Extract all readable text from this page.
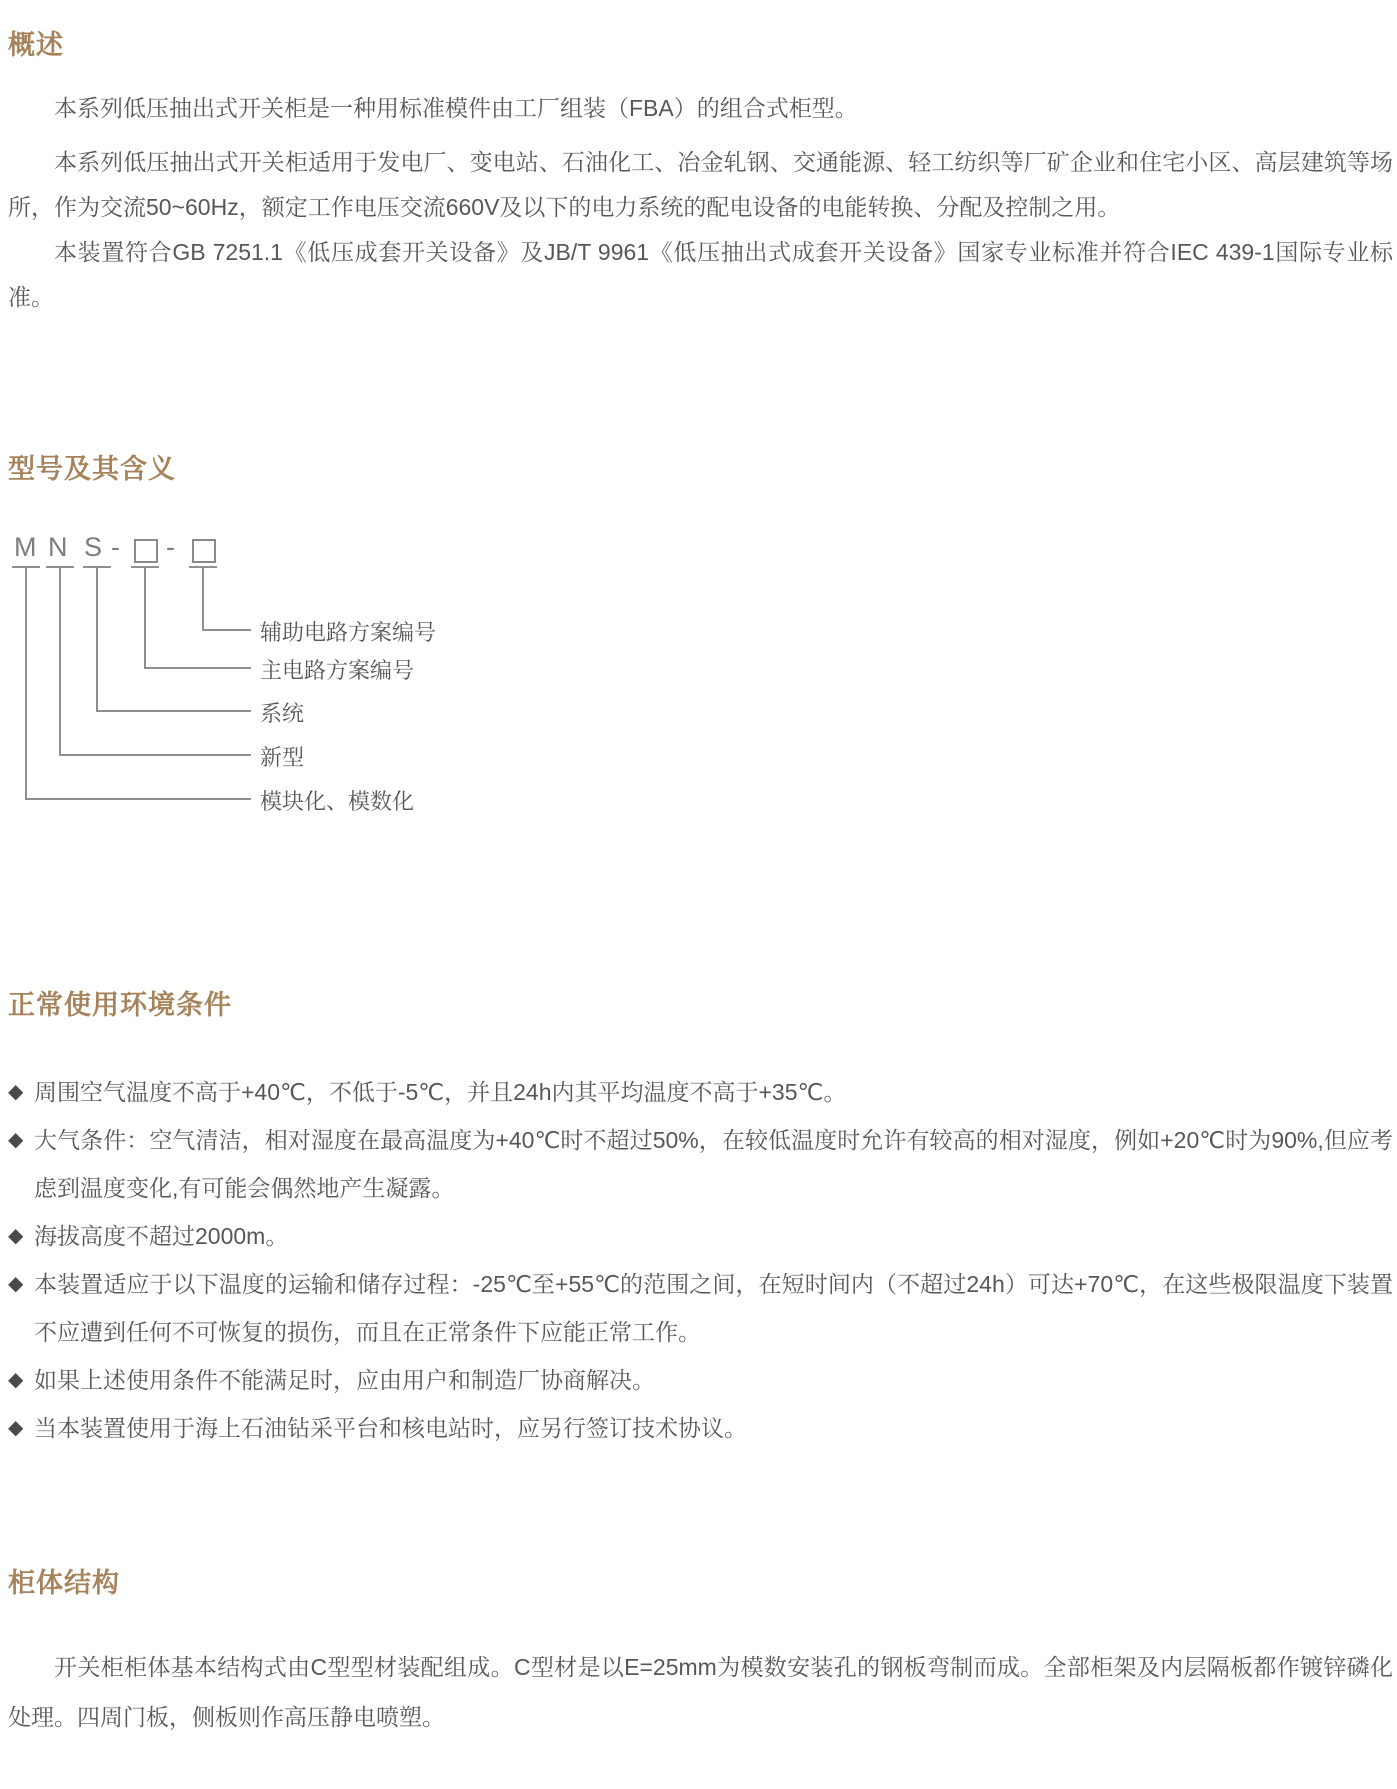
概述

本系列低压抽出式开关柜是一种用标准模件由工厂组装（FBA）的组合式柜型。

本系列低压抽出式开关柜适用于发电厂、变电站、石油化工、冶金轧钢、交通能源、轻工纺织等厂矿企业和住宅小区、高层建筑等场所，作为交流50~60Hz，额定工作电压交流660V及以下的电力系统的配电设备的电能转换、分配及控制之用。

本装置符合GB 7251.1《低压成套开关设备》及JB/T 9961《低压抽出式成套开关设备》国家专业标准并符合IEC 439-1国际专业标准。

型号及其含义
M N S - -
辅助电路方案编号
主电路方案编号
系统
新型
模块化、模数化
正常使用环境条件
◆ 周围空气温度不高于+40℃，不低于-5℃，并且24h内其平均温度不高于+35℃。
◆ 大气条件：空气清洁，相对湿度在最高温度为+40℃时不超过50%，在较低温度时允许有较高的相对湿度，例如+20℃时为90%,但应考虑到温度变化,有可能会偶然地产生凝露。
◆ 海拔高度不超过2000m。
◆ 本装置适应于以下温度的运输和储存过程：-25℃至+55℃的范围之间，在短时间内（不超过24h）可达+70℃，在这些极限温度下装置不应遭到任何不可恢复的损伤，而且在正常条件下应能正常工作。
◆ 如果上述使用条件不能满足时，应由用户和制造厂协商解决。
◆ 当本装置使用于海上石油钻采平台和核电站时，应另行签订技术协议。
柜体结构

开关柜柜体基本结构式由C型型材装配组成。C型材是以E=25mm为模数安装孔的钢板弯制而成。全部柜架及内层隔板都作镀锌磷化处理。四周门板，侧板则作高压静电喷塑。
